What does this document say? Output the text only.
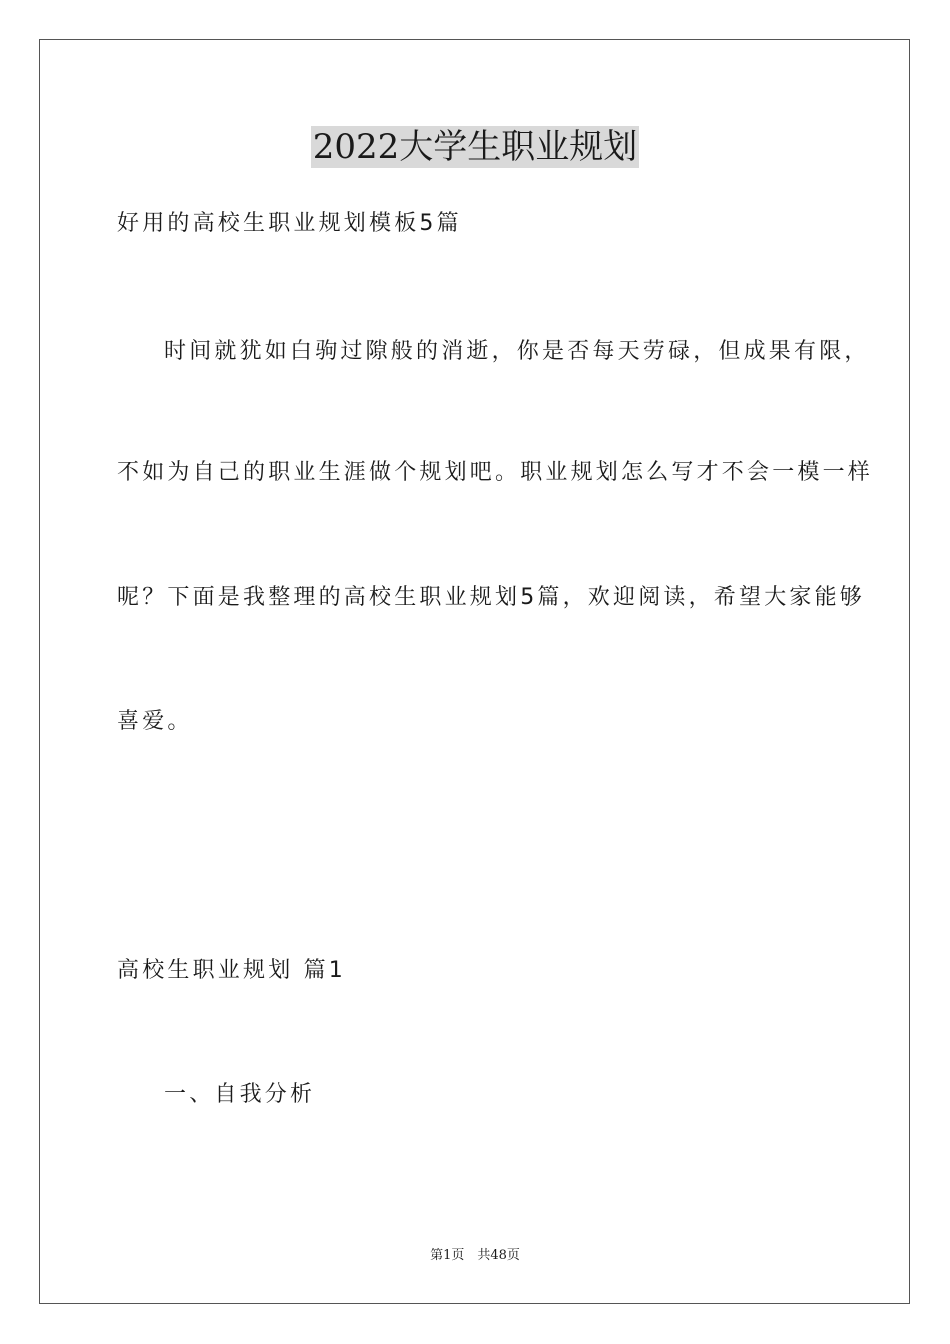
2022大学生职业规划
好用的高校生职业规划模板5篇
时间就犹如白驹过隙般的消逝，你是否每天劳碌，但成果有限，
不如为自己的职业生涯做个规划吧。职业规划怎么写才不会一模一样
呢？下面是我整理的高校生职业规划5篇，欢迎阅读，希望大家能够
喜爱。
高校生职业规划 篇1
一、自我分析
第1页　共48页
